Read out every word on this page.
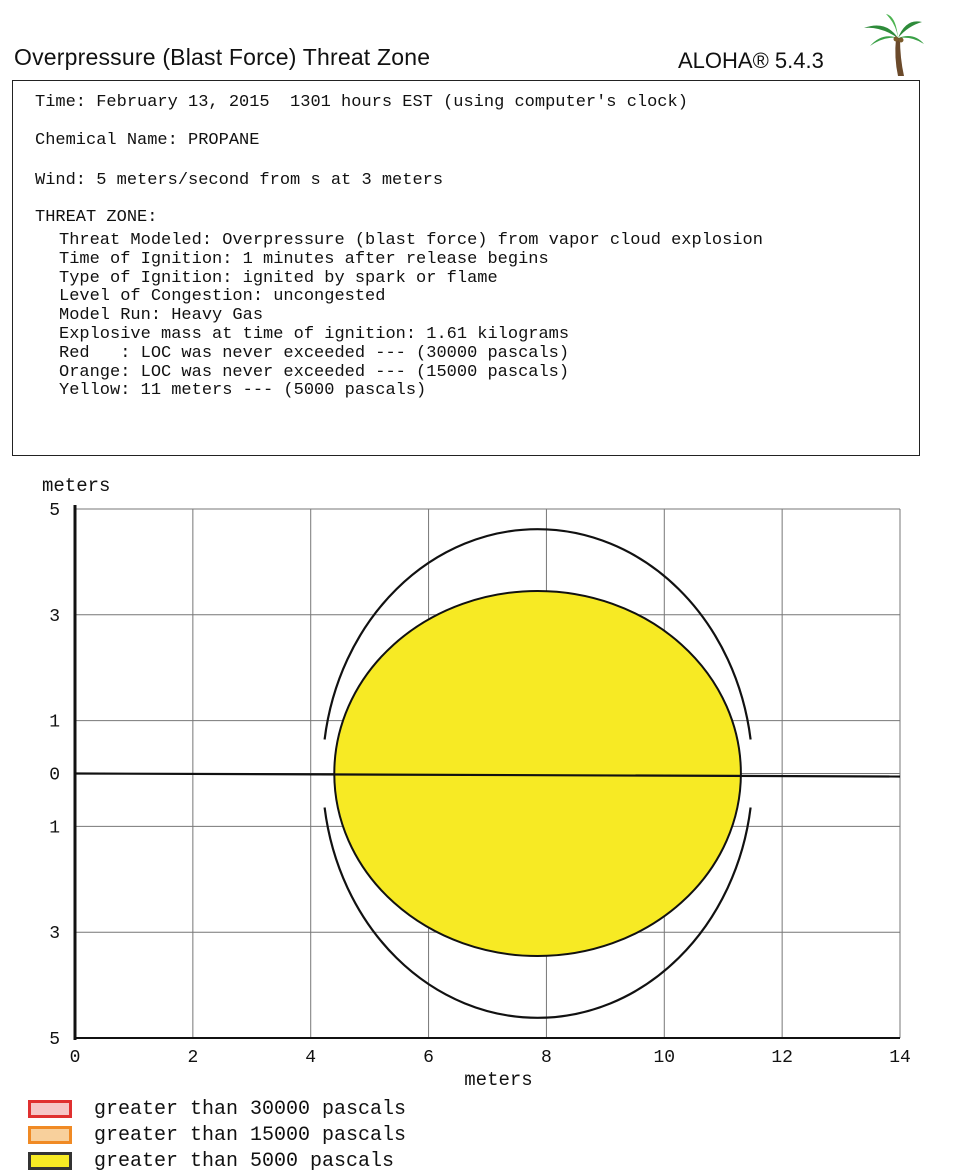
Overpressure (Blast Force) Threat Zone	ALOHA® 5.4.3
Time: February 13, 2015  1301 hours EST (using computer's clock)
Chemical Name: PROPANE
Wind: 5 meters/second from s at 3 meters
THREAT ZONE:
Threat Modeled: Overpressure (blast force) from vapor cloud explosion
Time of Ignition: 1 minutes after release begins
Type of Ignition: ignited by spark or flame
Level of Congestion: uncongested
Model Run: Heavy Gas
Explosive mass at time of ignition: 1.61 kilograms
Red   : LOC was never exceeded --- (30000 pascals)
Orange: LOC was never exceeded --- (15000 pascals)
Yellow: 11 meters --- (5000 pascals)
5
3
1
0
1
3
5
0	2	4	6	8	10	12	14
meters
meters
greater than 30000 pascals
greater than 15000 pascals
greater than 5000 pascals
